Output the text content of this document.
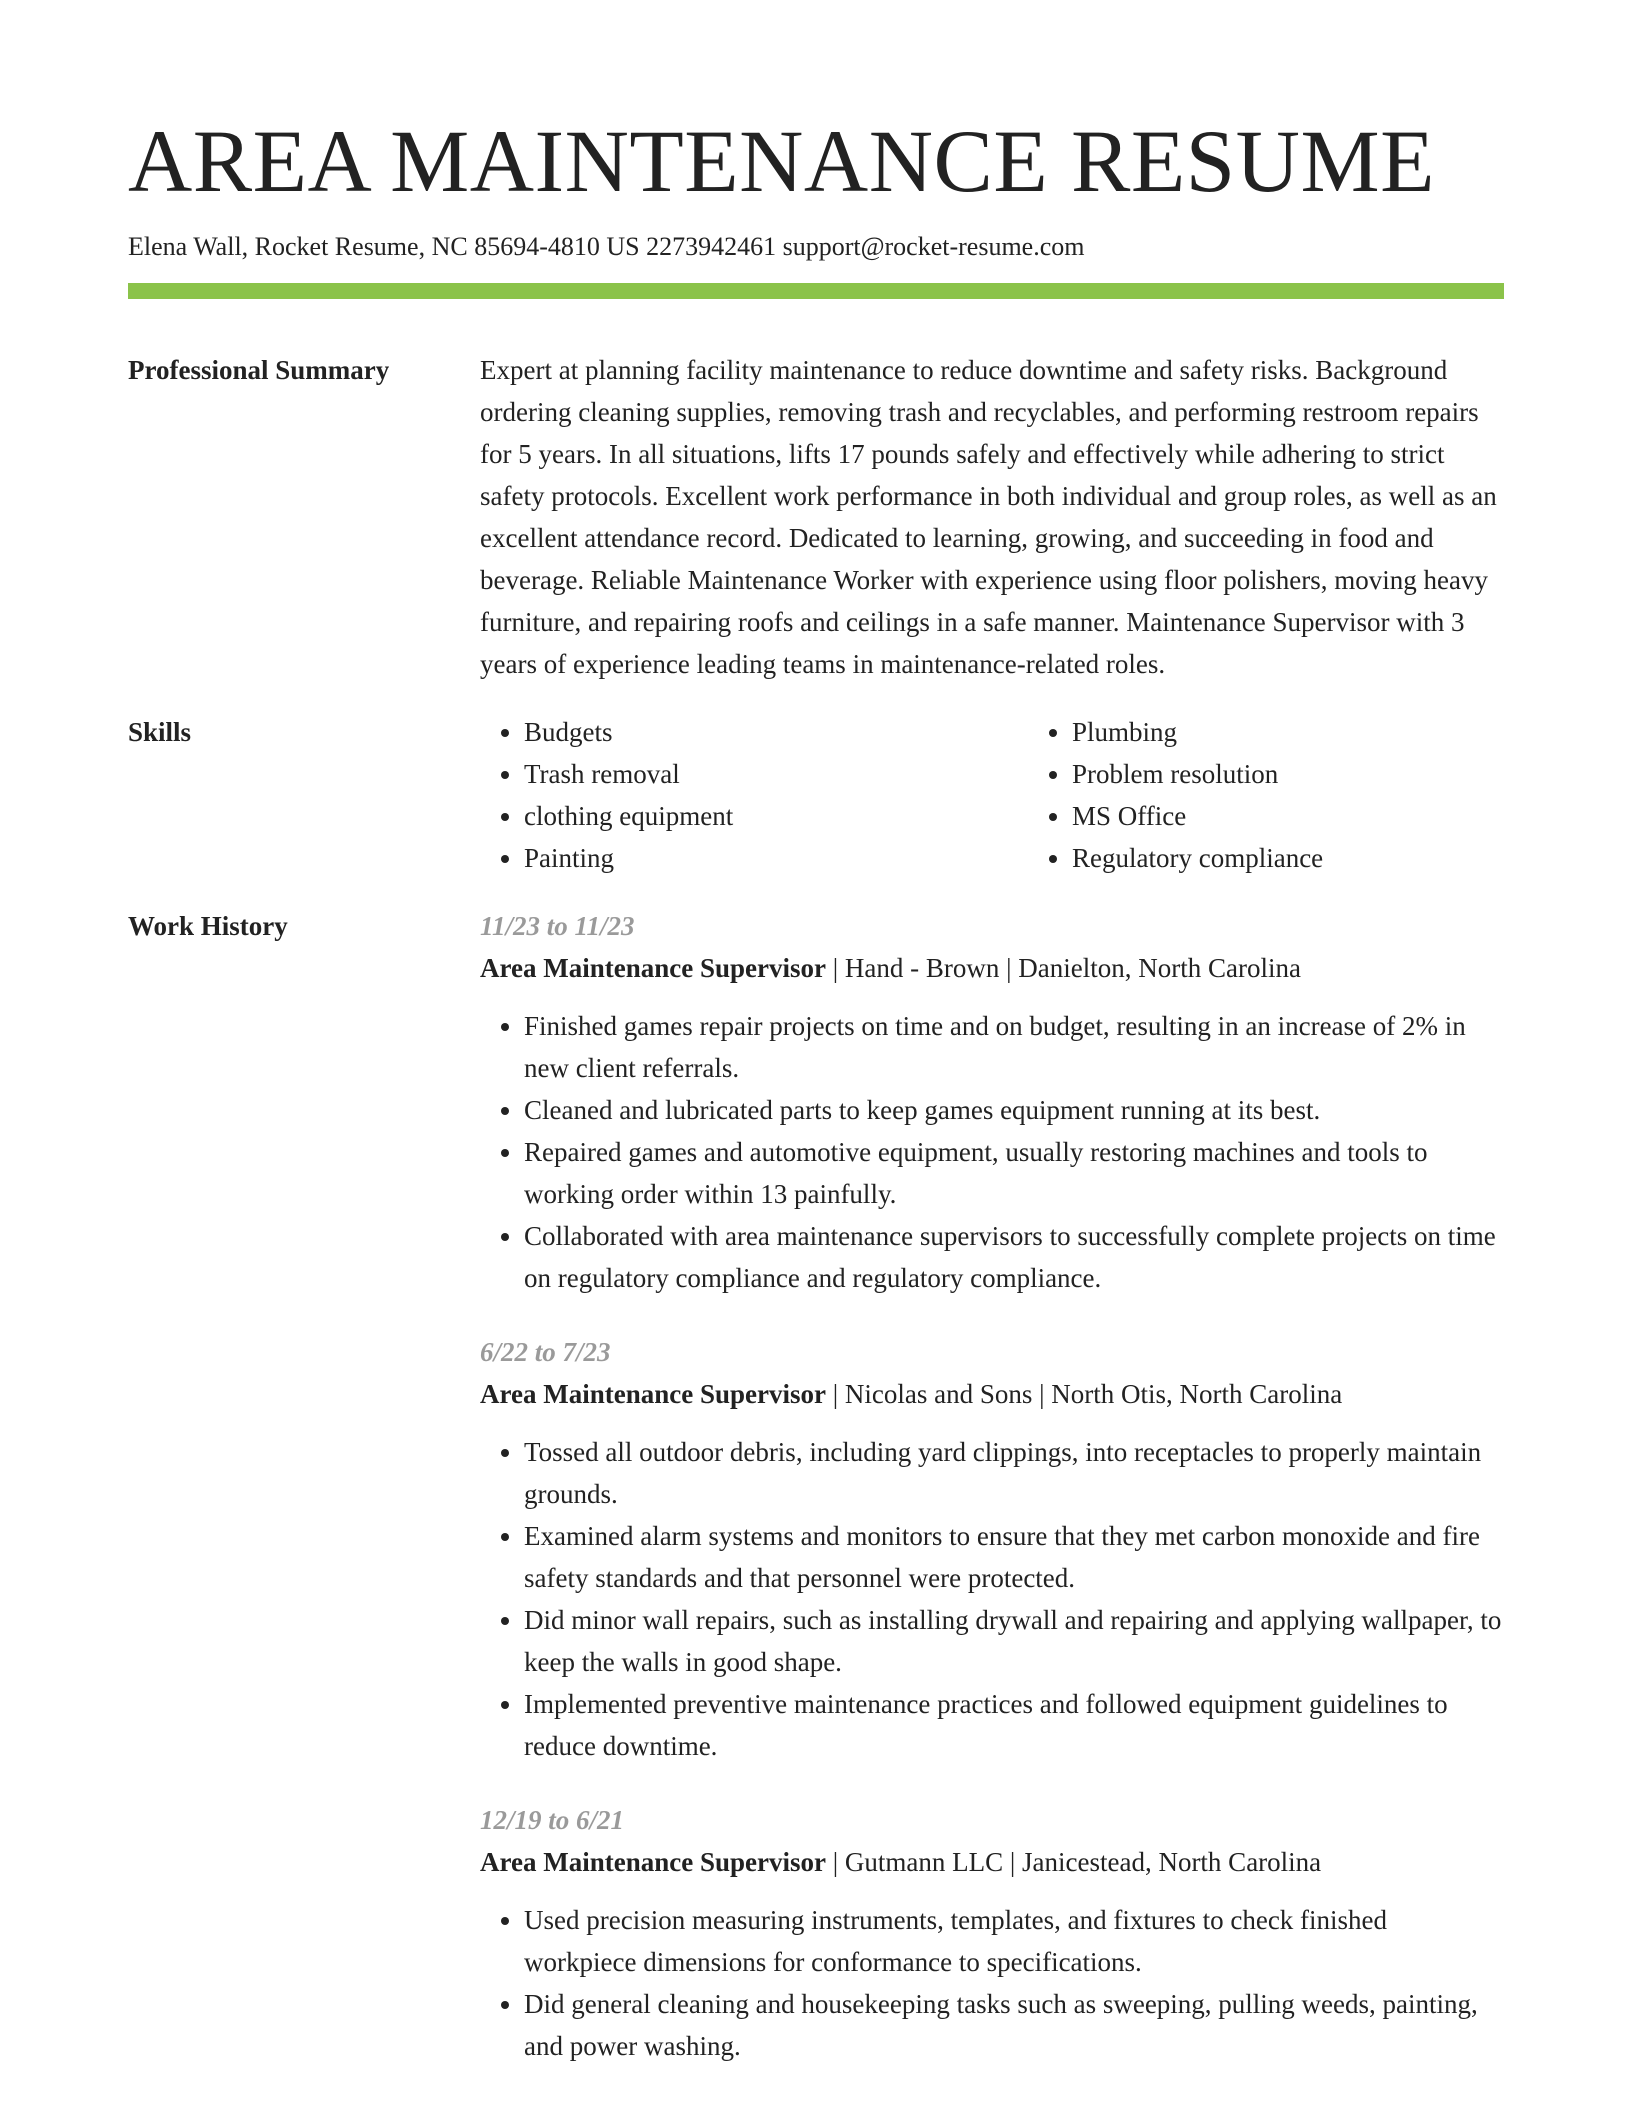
AREA MAINTENANCE RESUME
Elena Wall, Rocket Resume, NC 85694-4810 US 2273942461 support@rocket-resume.com
Professional Summary	Expert at planning facility maintenance to reduce downtime and safety risks. Background ordering cleaning supplies, removing trash and recyclables, and performing restroom repairs for 5 years. In all situations, lifts 17 pounds safely and effectively while adhering to strict safety protocols. Excellent work performance in both individual and group roles, as well as an excellent attendance record. Dedicated to learning, growing, and succeeding in food and beverage. Reliable Maintenance Worker with experience using floor polishers, moving heavy furniture, and repairing roofs and ceilings in a safe manner. Maintenance Supervisor with 3 years of experience leading teams in maintenance-related roles.

Skills
•	Budgets
• Trash removal
• clothing equipment
• Painting
• Plumbing
• Problem resolution
• MS Office
• Regulatory compliance
Work History	11/23 to 11/23
Area Maintenance Supervisor | Hand - Brown | Danielton, North Carolina
• Finished games repair projects on time and on budget, resulting in an increase of 2% in new client referrals.
• Cleaned and lubricated parts to keep games equipment running at its best.
• Repaired games and automotive equipment, usually restoring machines and tools to working order within 13 painfully.
• Collaborated with area maintenance supervisors to successfully complete projects on time on regulatory compliance and regulatory compliance.
6/22 to 7/23
Area Maintenance Supervisor | Nicolas and Sons | North Otis, North Carolina
• Tossed all outdoor debris, including yard clippings, into receptacles to properly maintain grounds.
• Examined alarm systems and monitors to ensure that they met carbon monoxide and fire safety standards and that personnel were protected.
• Did minor wall repairs, such as installing drywall and repairing and applying wallpaper, to keep the walls in good shape.
• Implemented preventive maintenance practices and followed equipment guidelines to reduce downtime.
12/19 to 6/21
Area Maintenance Supervisor | Gutmann LLC | Janicestead, North Carolina
• Used precision measuring instruments, templates, and fixtures to check finished workpiece dimensions for conformance to specifications.
• Did general cleaning and housekeeping tasks such as sweeping, pulling weeds, painting, and power washing.
